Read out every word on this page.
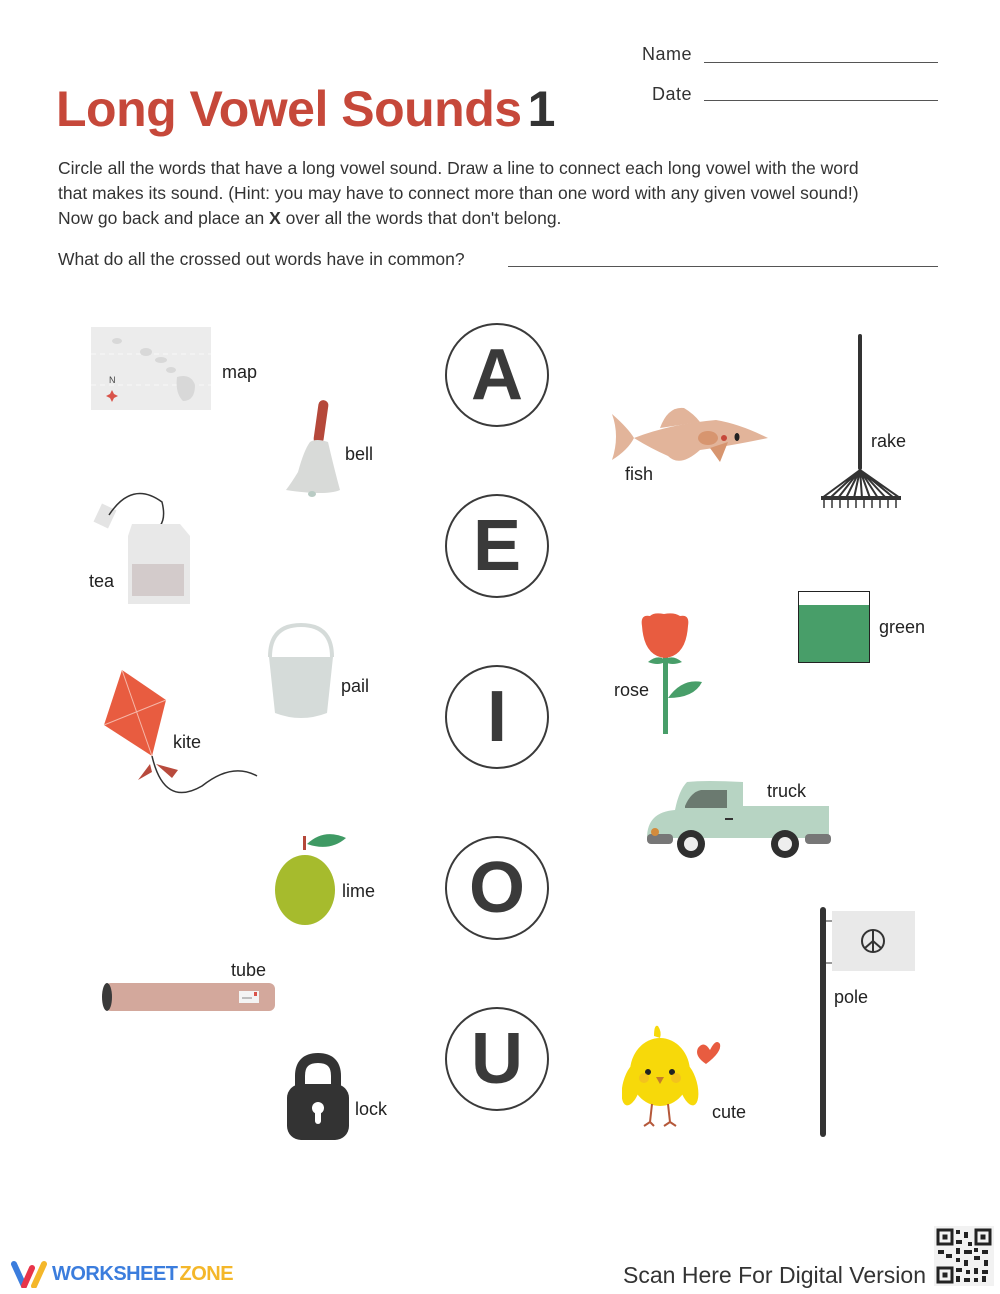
Name
Date
Long Vowel Sounds 1
Circle all the words that have a long vowel sound. Draw a line to connect each long vowel with the word that makes its sound. (Hint: you may have to connect more than one word with any given vowel sound!) Now go back and place an X over all the words that don't belong.
What do all the crossed out words have in common?
A
E
I
O
U
N	map
bell
tea
pail
kite
lime
tube
lock
fish
rake
green
rose
truck
pole
cute
WORKSHEET ZONE	Scan Here For Digital Version
